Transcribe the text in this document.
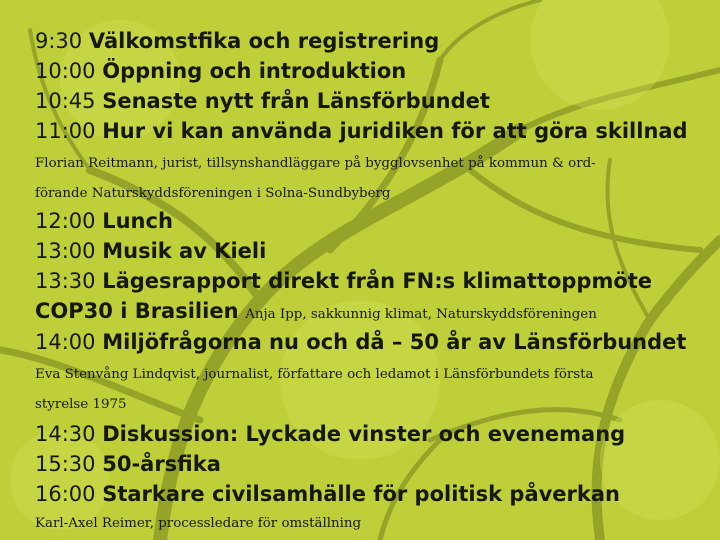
9:30 Välkomstfika och registrering
10:00 Öppning och introduktion
10:45 Senaste nytt från Länsförbundet
11:00 Hur vi kan använda juridiken för att göra skillnad
Florian Reitmann, jurist, tillsynshandläggare på bygglovsenhet på kommun & ord-
förande Naturskyddsföreningen i Solna-Sundbyberg
12:00 Lunch
13:00 Musik av Kieli
13:30 Lägesrapport direkt från FN:s klimattoppmöte
COP30 i Brasilien Anja Ipp, sakkunnig klimat, Naturskyddsföreningen
14:00 Miljöfrågorna nu och då – 50 år av Länsförbundet
Eva Stenvång Lindqvist, journalist, författare och ledamot i Länsförbundets första
styrelse 1975
14:30 Diskussion: Lyckade vinster och evenemang
15:30 50-årsfika
16:00 Starkare civilsamhälle för politisk påverkan
Karl-Axel Reimer, processledare för omställning
